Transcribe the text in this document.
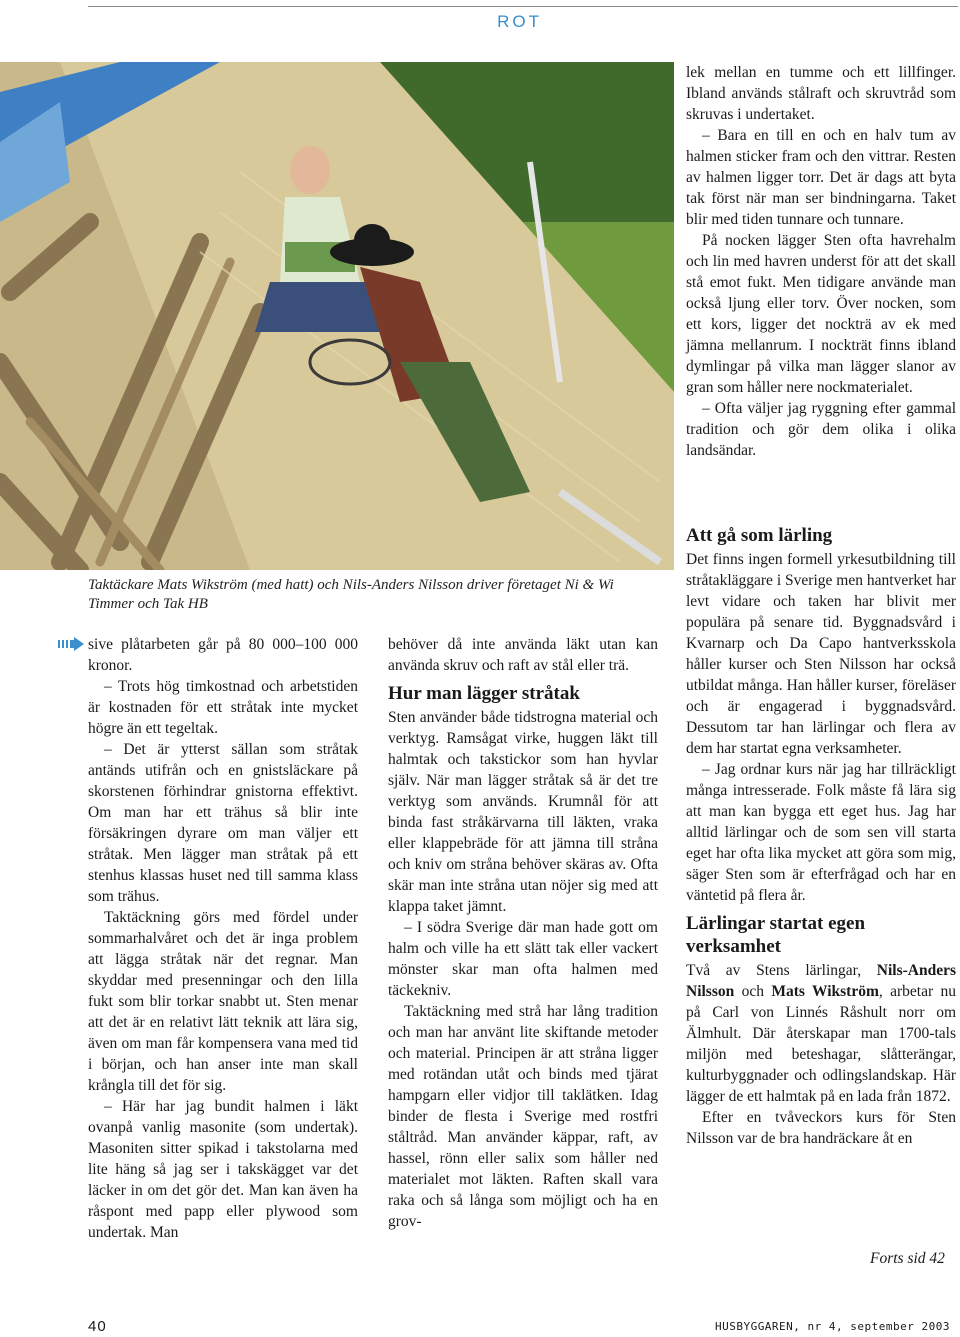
ROT
Taktäckare Mats Wikström (med hatt) och Nils-Anders Nilsson driver företaget Ni & Wi Timmer och Tak HB

sive plåtarbeten går på 80 000–100 000 kronor.

– Trots hög timkostnad och arbetstiden är kostnaden för ett stråtak inte mycket högre än ett tegeltak.

– Det är ytterst sällan som stråtak antänds utifrån och en gnistsläckare på skorstenen förhindrar gnistorna effektivt. Om man har ett trähus så blir inte försäkringen dyrare om man väljer ett stråtak. Men lägger man stråtak på ett stenhus klassas huset ned till samma klass som trähus.

Taktäckning görs med fördel under sommarhalvåret och det är inga problem att lägga stråtak när det regnar. Man skyddar med presenningar och den lilla fukt som blir torkar snabbt ut. Sten menar att det är en relativt lätt teknik att lära sig, även om man får kompensera vana med tid i början, och han anser inte man skall krångla till det för sig.

– Här har jag bundit halmen i läkt ovanpå vanlig masonite (som undertak). Masoniten sitter spikad i takstolarna med lite häng så jag ser i takskägget var det läcker in om det gör det. Man kan även ha råspont med papp eller plywood som undertak. Man

behöver då inte använda läkt utan kan använda skruv och raft av stål eller trä.

Hur man lägger stråtak

Sten använder både tidstrogna material och verktyg. Ramsågat virke, huggen läkt till halmtak och takstickor som han hyvlar själv. När man lägger stråtak så är det tre verktyg som används. Krumnål för att binda fast stråkärvarna till läkten, vraka eller klappebräde för att jämna till stråna och kniv om stråna behöver skäras av. Ofta skär man inte stråna utan nöjer sig med att klappa taket jämnt.

– I södra Sverige där man hade gott om halm och ville ha ett slätt tak eller vackert mönster skar man ofta halmen med täckekniv.

Taktäckning med strå har lång tradition och man har använt lite skiftande metoder och material. Principen är att stråna ligger med rotändan utåt och binds med tjärat hampgarn eller vidjor till taklätken. Idag binder de flesta i Sverige med rostfri ståltråd. Man använder käppar, raft, av hassel, rönn eller salix som håller ned materialet mot läkten. Raften skall vara raka och så långa som möjligt och ha en grov-

lek mellan en tumme och ett lillfinger. Ibland används stålraft och skruvtråd som skruvas i undertaket.

– Bara en till en och en halv tum av halmen sticker fram och den vittrar. Resten av halmen ligger torr. Det är dags att byta tak först när man ser bindningarna. Taket blir med tiden tunnare och tunnare.

På nocken lägger Sten ofta havrehalm och lin med havren underst för att det skall stå emot fukt. Men tidigare använde man också ljung eller torv. Över nocken, som ett kors, ligger det nockträ av ek med jämna mellanrum. I nockträt finns ibland dymlingar på vilka man lägger slanor av gran som håller nere nockmaterialet.

– Ofta väljer jag ryggning efter gammal tradition och gör dem olika i olika landsändar.

Att gå som lärling

Det finns ingen formell yrkesutbildning till stråtakläggare i Sverige men hantverket har levt vidare och taken har blivit mer populära på senare tid. Byggnadsvård i Kvarnarp och Da Capo hantverksskola håller kurser och Sten Nilsson har också utbildat många. Han håller kurser, föreläser och är engagerad i byggnadsvård. Dessutom tar han lärlingar och flera av dem har startat egna verksamheter.

– Jag ordnar kurs när jag har tillräckligt många intresserade. Folk måste få lära sig att man kan bygga ett eget hus. Jag har alltid lärlingar och de som sen vill starta eget har ofta lika mycket att göra som mig, säger Sten som är efterfrågad och har en väntetid på flera år.

Lärlingar startat egen verksamhet

Två av Stens lärlingar, Nils-Anders Nilsson och Mats Wikström, arbetar nu på Carl von Linnés Råshult norr om Älmhult. Där återskapar man 1700-tals miljön med beteshagar, slåtterängar, kulturbyggnader och odlingslandskap. Här lägger de ett halmtak på en lada från 1872.

Efter en tvåveckors kurs för Sten Nilsson var de bra handräckare åt en

Forts sid 42
40	HUSBYGGAREN, nr 4, september 2003
